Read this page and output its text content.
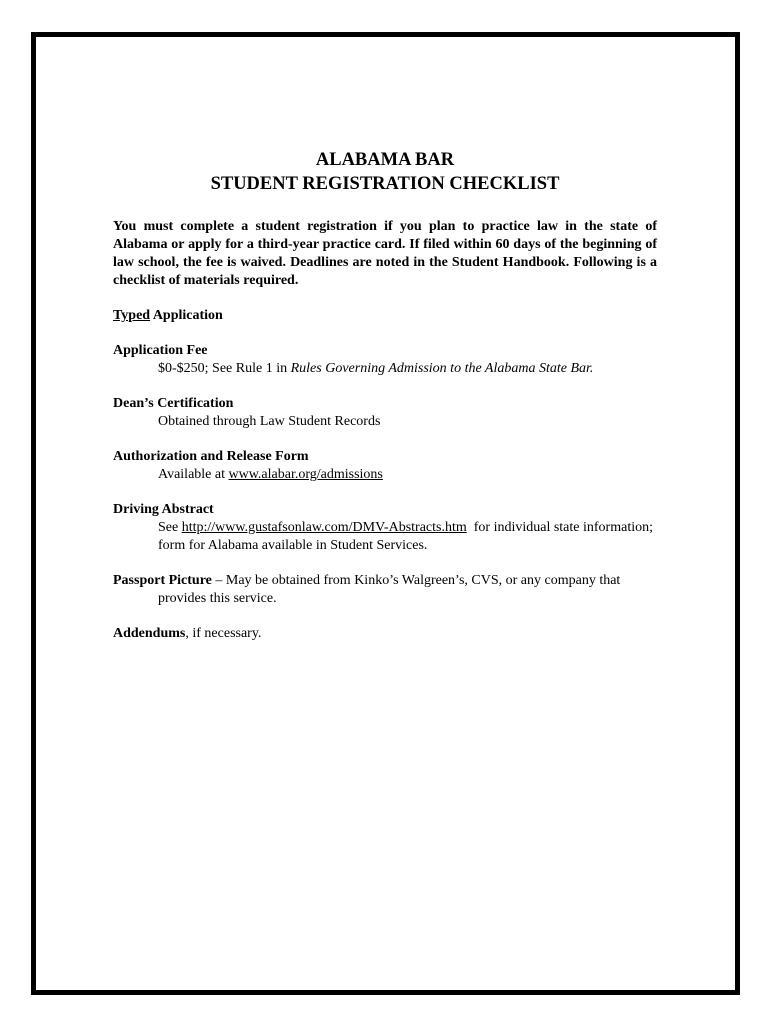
ALABAMA BAR
STUDENT REGISTRATION CHECKLIST

You must complete a student registration if you plan to practice law in the state of Alabama or apply for a third-year practice card. If filed within 60 days of the beginning of law school, the fee is waived. Deadlines are noted in the Student Handbook. Following is a checklist of materials required.

Typed Application

Application Fee
$0-$250; See Rule 1 in Rules Governing Admission to the Alabama State Bar.
Dean’s Certification
Obtained through Law Student Records
Authorization and Release Form
Available at www.alabar.org/admissions
Driving Abstract
See http://www.gustafsonlaw.com/DMV-Abstracts.htm  for individual state information; form for Alabama available in Student Services.
Passport Picture – May be obtained from Kinko’s Walgreen’s, CVS, or any company that provides this service.
Addendums, if necessary.
